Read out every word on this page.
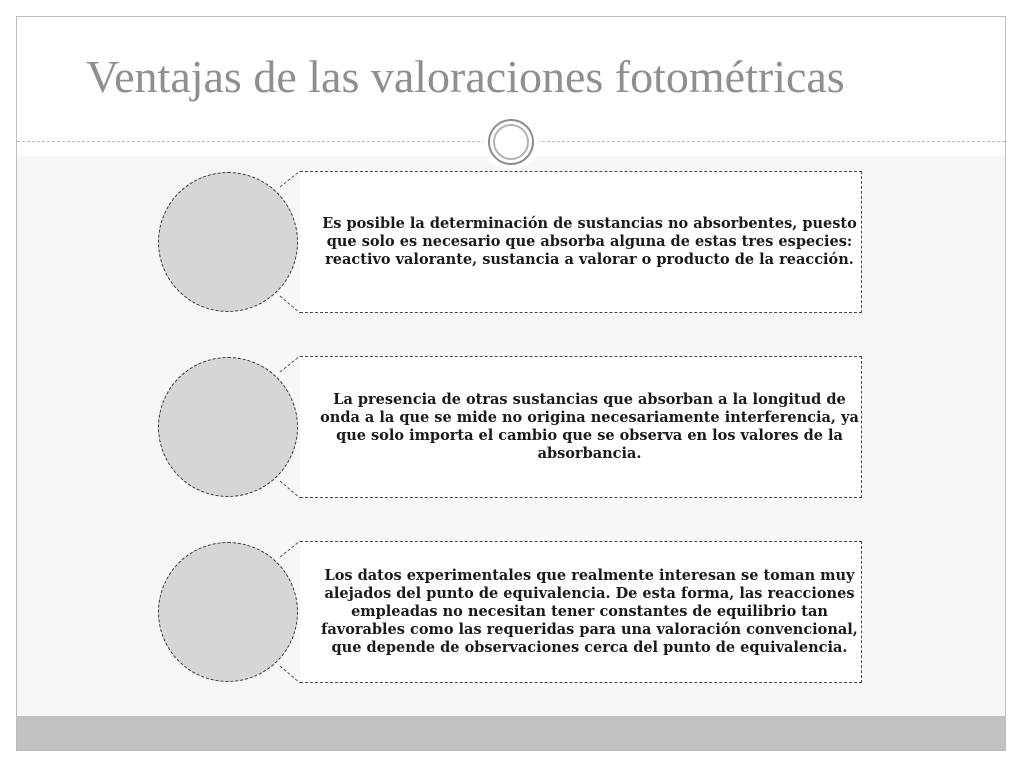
Ventajas de las valoraciones fotométricas
Es posible la determinación de sustancias no absorbentes, puesto que solo es necesario que absorba alguna de estas tres especies: reactivo valorante, sustancia a valorar o producto de la reacción.
La presencia de otras sustancias que absorban a la longitud de onda a la que se mide no origina necesariamente interferencia, ya que solo importa el cambio que se observa en los valores de la absorbancia.
Los datos experimentales que realmente interesan se toman muy alejados del punto de equivalencia. De esta forma, las reacciones empleadas no necesitan tener constantes de equilibrio tan favorables como las requeridas para una valoración convencional, que depende de observaciones cerca del punto de equivalencia.
